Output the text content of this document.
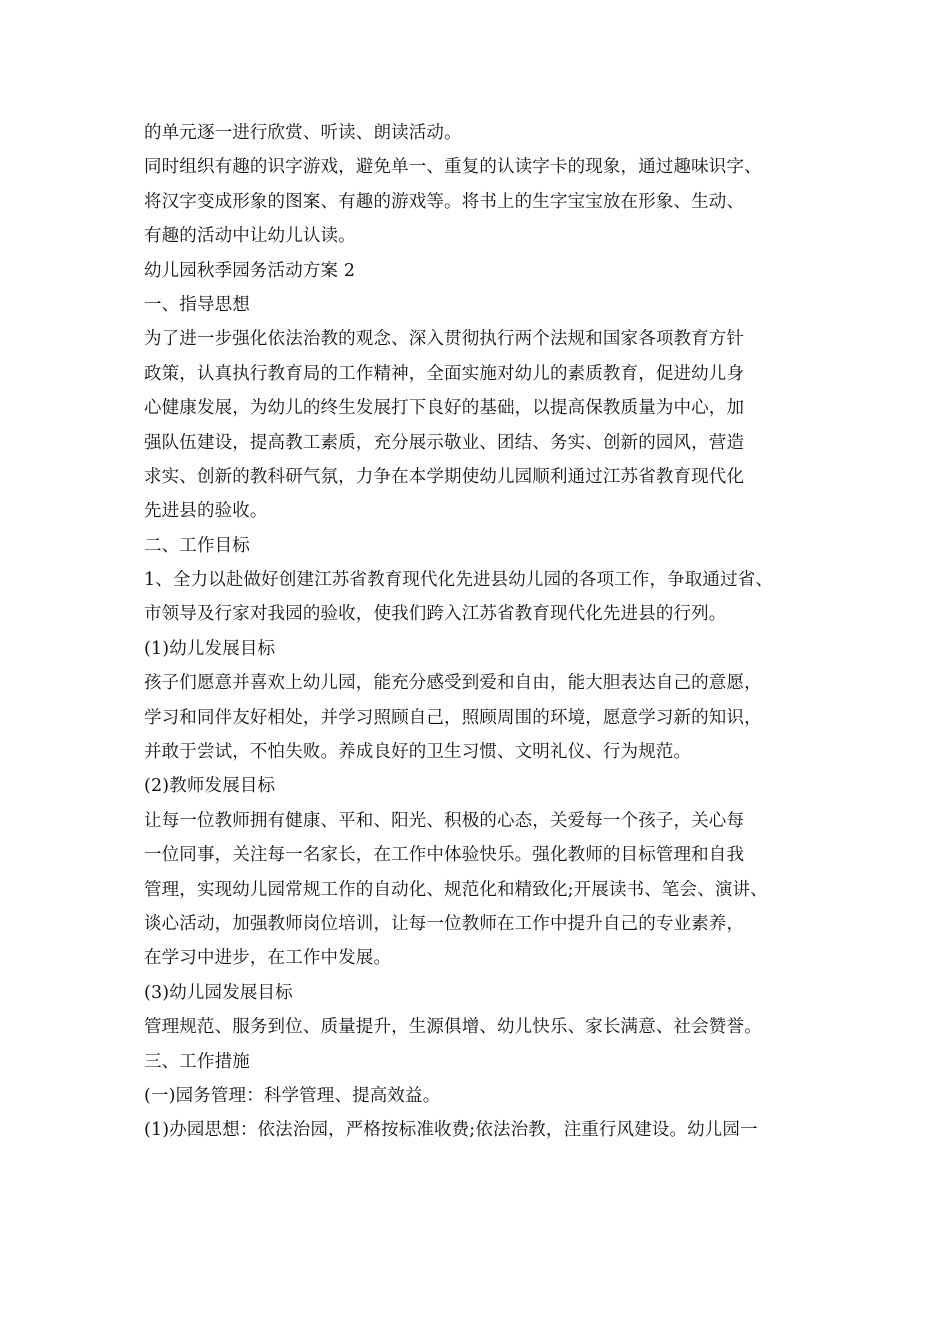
的单元逐一进行欣赏、听读、朗读活动。
同时组织有趣的识字游戏，避免单一、重复的认读字卡的现象，通过趣味识字、
将汉字变成形象的图案、有趣的游戏等。将书上的生字宝宝放在形象、生动、
有趣的活动中让幼儿认读。
幼儿园秋季园务活动方案 2
一、指导思想
为了进一步强化依法治教的观念、深入贯彻执行两个法规和国家各项教育方针
政策，认真执行教育局的工作精神，全面实施对幼儿的素质教育，促进幼儿身
心健康发展，为幼儿的终生发展打下良好的基础，以提高保教质量为中心，加
强队伍建设，提高教工素质，充分展示敬业、团结、务实、创新的园风，营造
求实、创新的教科研气氛，力争在本学期使幼儿园顺利通过江苏省教育现代化
先进县的验收。
二、工作目标
1、全力以赴做好创建江苏省教育现代化先进县幼儿园的各项工作，争取通过省、
市领导及行家对我园的验收，使我们跨入江苏省教育现代化先进县的行列。
(1)幼儿发展目标
孩子们愿意并喜欢上幼儿园，能充分感受到爱和自由，能大胆表达自己的意愿，
学习和同伴友好相处，并学习照顾自己，照顾周围的环境，愿意学习新的知识，
并敢于尝试，不怕失败。养成良好的卫生习惯、文明礼仪、行为规范。
(2)教师发展目标
让每一位教师拥有健康、平和、阳光、积极的心态，关爱每一个孩子，关心每
一位同事，关注每一名家长，在工作中体验快乐。强化教师的目标管理和自我
管理，实现幼儿园常规工作的自动化、规范化和精致化;开展读书、笔会、演讲、
谈心活动，加强教师岗位培训，让每一位教师在工作中提升自己的专业素养，
在学习中进步，在工作中发展。
(3)幼儿园发展目标
管理规范、服务到位、质量提升，生源俱增、幼儿快乐、家长满意、社会赞誉。
三、工作措施
(一)园务管理：科学管理、提高效益。
(1)办园思想：依法治园，严格按标准收费;依法治教，注重行风建设。幼儿园一
